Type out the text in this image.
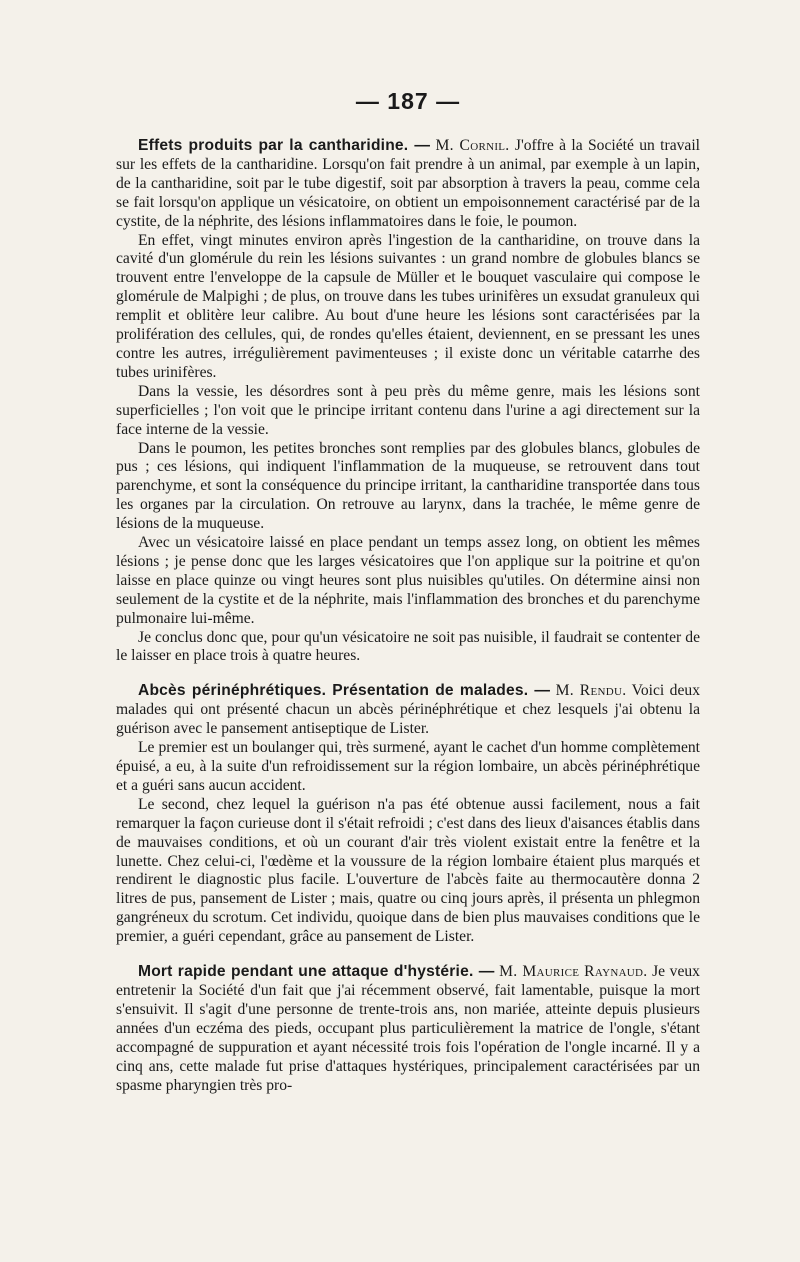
— 187 —

Effets produits par la cantharidine. — M. Cornil. J'offre à la Société un travail sur les effets de la cantharidine. Lorsqu'on fait prendre à un animal, par exemple à un lapin, de la cantharidine, soit par le tube digestif, soit par absorption à travers la peau, comme cela se fait lorsqu'on applique un vésicatoire, on obtient un empoisonnement caractérisé par de la cystite, de la néphrite, des lésions inflammatoires dans le foie, le poumon.

En effet, vingt minutes environ après l'ingestion de la cantharidine, on trouve dans la cavité d'un glomérule du rein les lésions suivantes : un grand nombre de globules blancs se trouvent entre l'enveloppe de la capsule de Müller et le bouquet vasculaire qui compose le glomérule de Malpighi ; de plus, on trouve dans les tubes urinifères un exsudat granuleux qui remplit et oblitère leur calibre. Au bout d'une heure les lésions sont caractérisées par la prolifération des cellules, qui, de rondes qu'elles étaient, deviennent, en se pressant les unes contre les autres, irrégulièrement pavimenteuses ; il existe donc un véritable catarrhe des tubes urinifères.

Dans la vessie, les désordres sont à peu près du même genre, mais les lésions sont superficielles ; l'on voit que le principe irritant contenu dans l'urine a agi directement sur la face interne de la vessie.

Dans le poumon, les petites bronches sont remplies par des globules blancs, globules de pus ; ces lésions, qui indiquent l'inflammation de la muqueuse, se retrouvent dans tout parenchyme, et sont la conséquence du principe irritant, la cantharidine transportée dans tous les organes par la circulation. On retrouve au larynx, dans la trachée, le même genre de lésions de la muqueuse.

Avec un vésicatoire laissé en place pendant un temps assez long, on obtient les mêmes lésions ; je pense donc que les larges vésicatoires que l'on applique sur la poitrine et qu'on laisse en place quinze ou vingt heures sont plus nuisibles qu'utiles. On détermine ainsi non seulement de la cystite et de la néphrite, mais l'inflammation des bronches et du parenchyme pulmonaire lui-même.

Je conclus donc que, pour qu'un vésicatoire ne soit pas nuisible, il faudrait se contenter de le laisser en place trois à quatre heures.

Abcès périnéphrétiques. Présentation de malades. — M. Rendu. Voici deux malades qui ont présenté chacun un abcès périnéphrétique et chez lesquels j'ai obtenu la guérison avec le pansement antiseptique de Lister.

Le premier est un boulanger qui, très surmené, ayant le cachet d'un homme complètement épuisé, a eu, à la suite d'un refroidissement sur la région lombaire, un abcès périnéphrétique et a guéri sans aucun accident.

Le second, chez lequel la guérison n'a pas été obtenue aussi facilement, nous a fait remarquer la façon curieuse dont il s'était refroidi ; c'est dans des lieux d'aisances établis dans de mauvaises conditions, et où un courant d'air très violent existait entre la fenêtre et la lunette. Chez celui-ci, l'œdème et la voussure de la région lombaire étaient plus marqués et rendirent le diagnostic plus facile. L'ouverture de l'abcès faite au thermocautère donna 2 litres de pus, pansement de Lister ; mais, quatre ou cinq jours après, il présenta un phlegmon gangréneux du scrotum. Cet individu, quoique dans de bien plus mauvaises conditions que le premier, a guéri cependant, grâce au pansement de Lister.

Mort rapide pendant une attaque d'hystérie. — M. Maurice Raynaud. Je veux entretenir la Société d'un fait que j'ai récemment observé, fait lamentable, puisque la mort s'ensuivit. Il s'agit d'une personne de trente-trois ans, non mariée, atteinte depuis plusieurs années d'un eczéma des pieds, occupant plus particulièrement la matrice de l'ongle, s'étant accompagné de suppuration et ayant nécessité trois fois l'opération de l'ongle incarné. Il y a cinq ans, cette malade fut prise d'attaques hystériques, principalement caractérisées par un spasme pharyngien très pro-
